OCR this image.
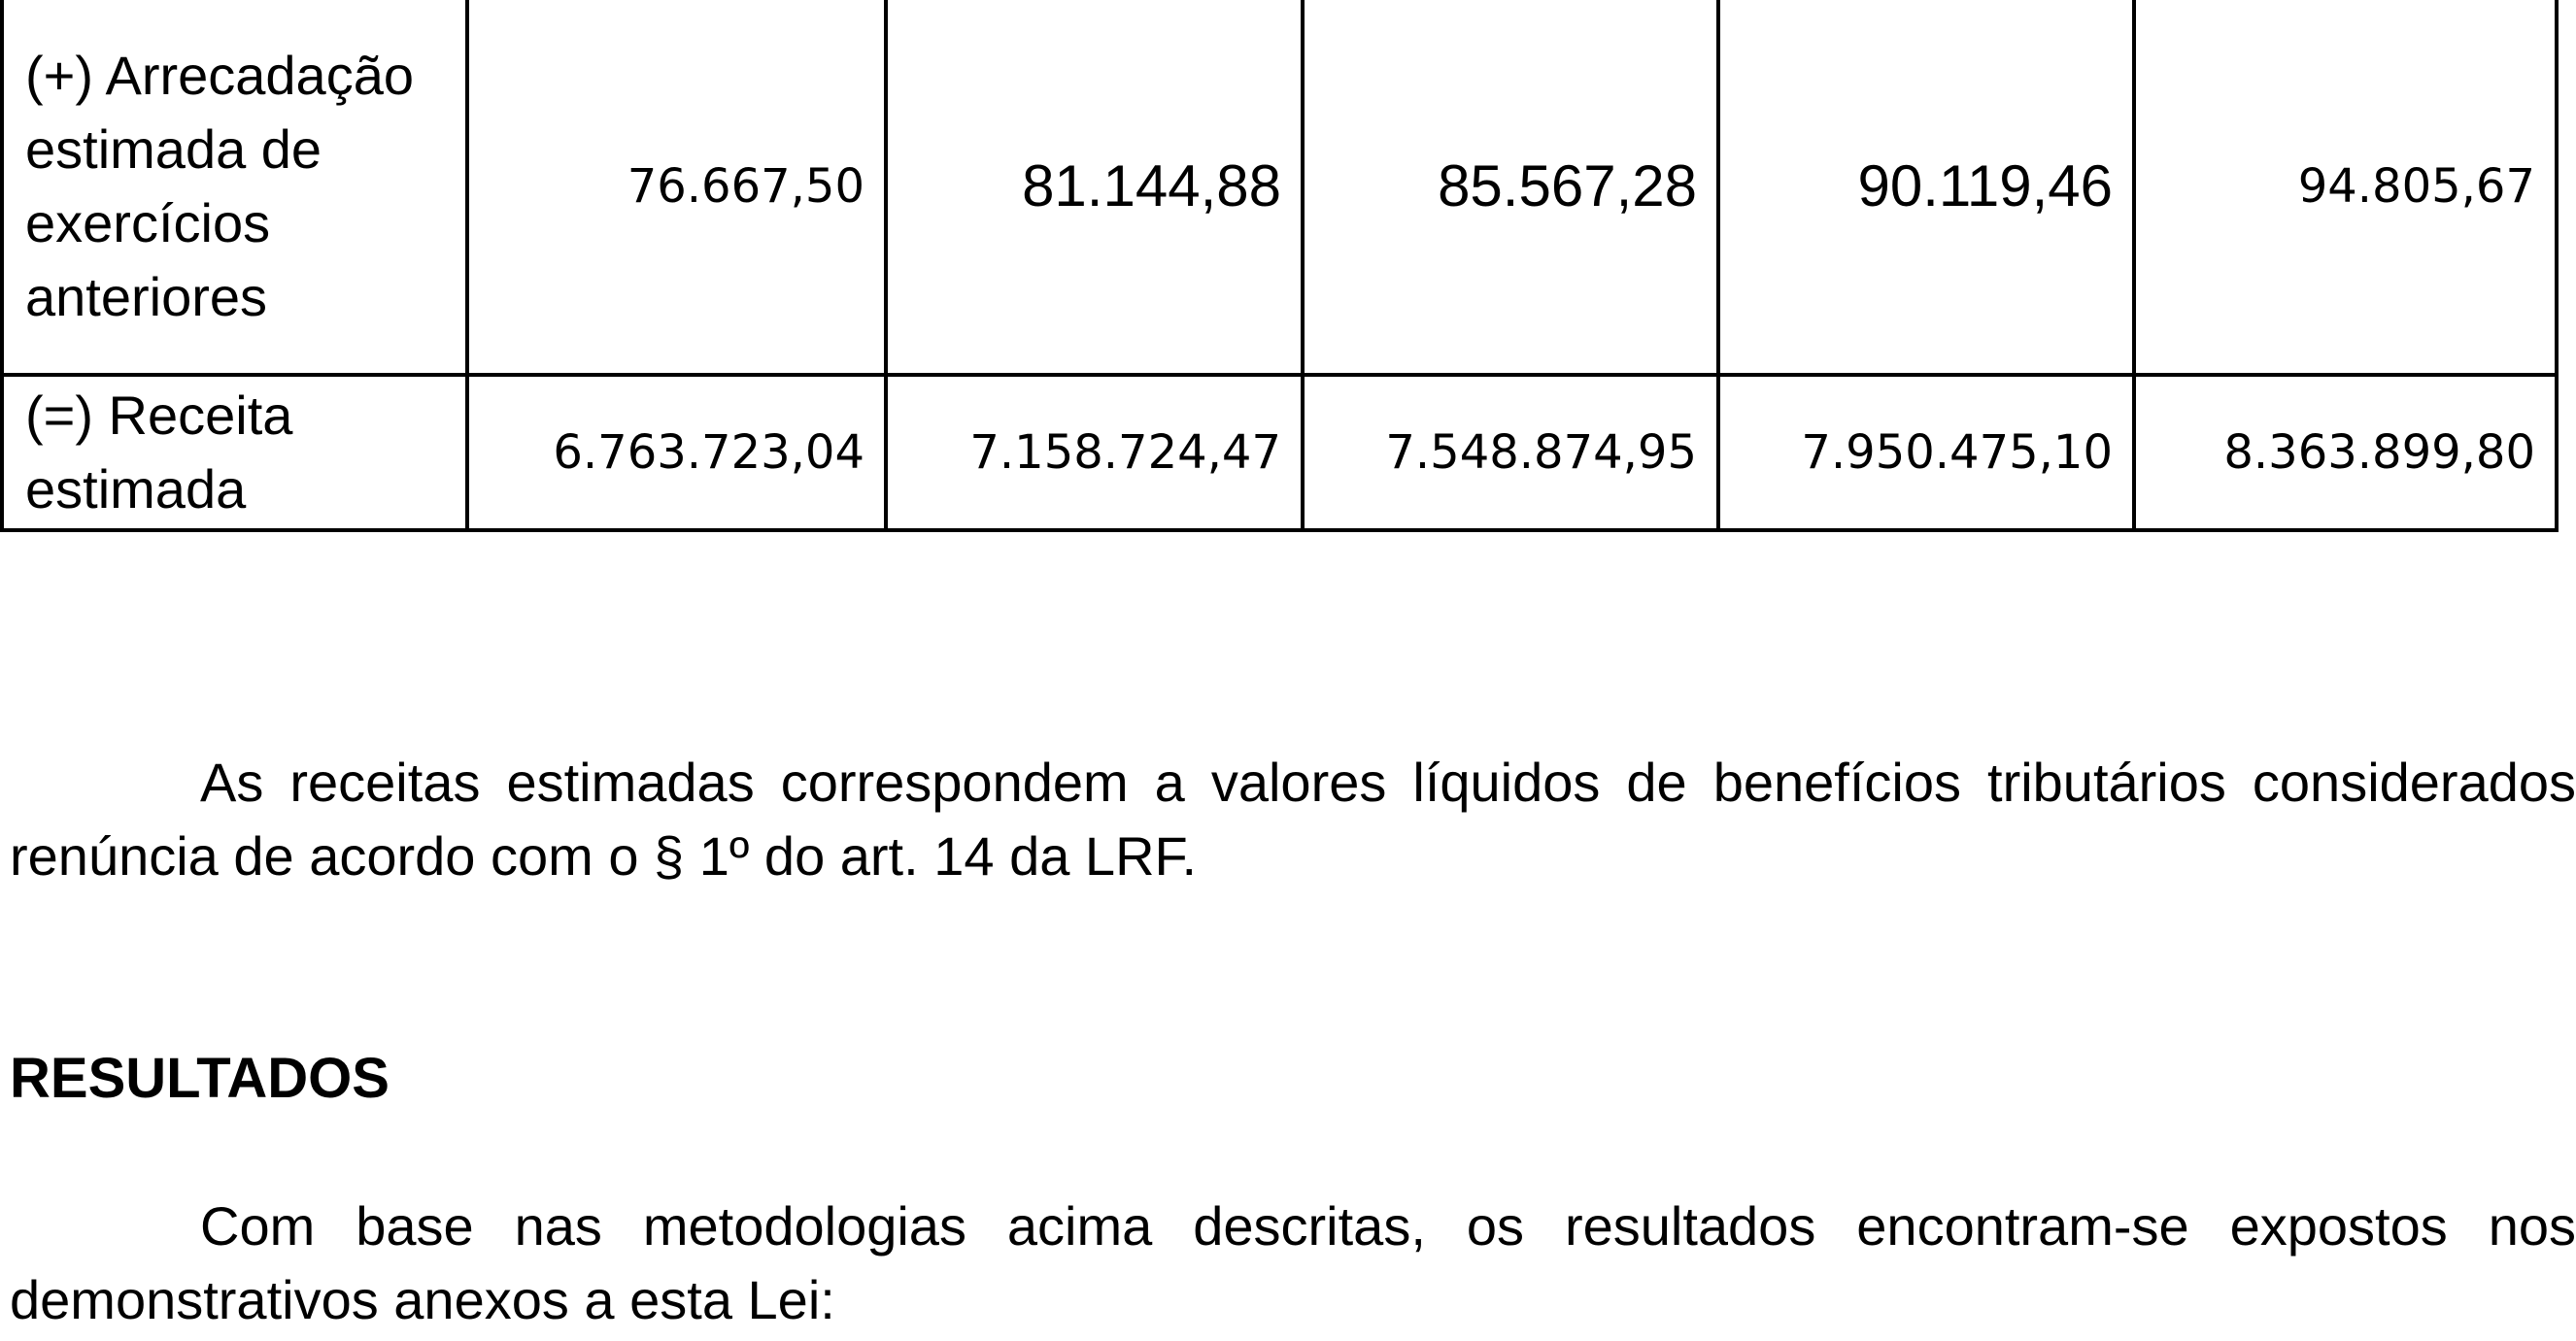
(+) Arrecadação estimada de exercícios anteriores	76.667,50	81.144,88	85.567,28	90.119,46	94.805,67
(=) Receita estimada	6.763.723,04	7.158.724,47	7.548.874,95	7.950.475,10	8.363.899,80

As receitas estimadas correspondem a valores líquidos de benefícios tributários considerados renúncia de acordo com o § 1º do art. 14 da LRF.

RESULTADOS

Com base nas metodologias acima descritas, os resultados encontram-se expostos nos demonstrativos anexos a esta Lei:
